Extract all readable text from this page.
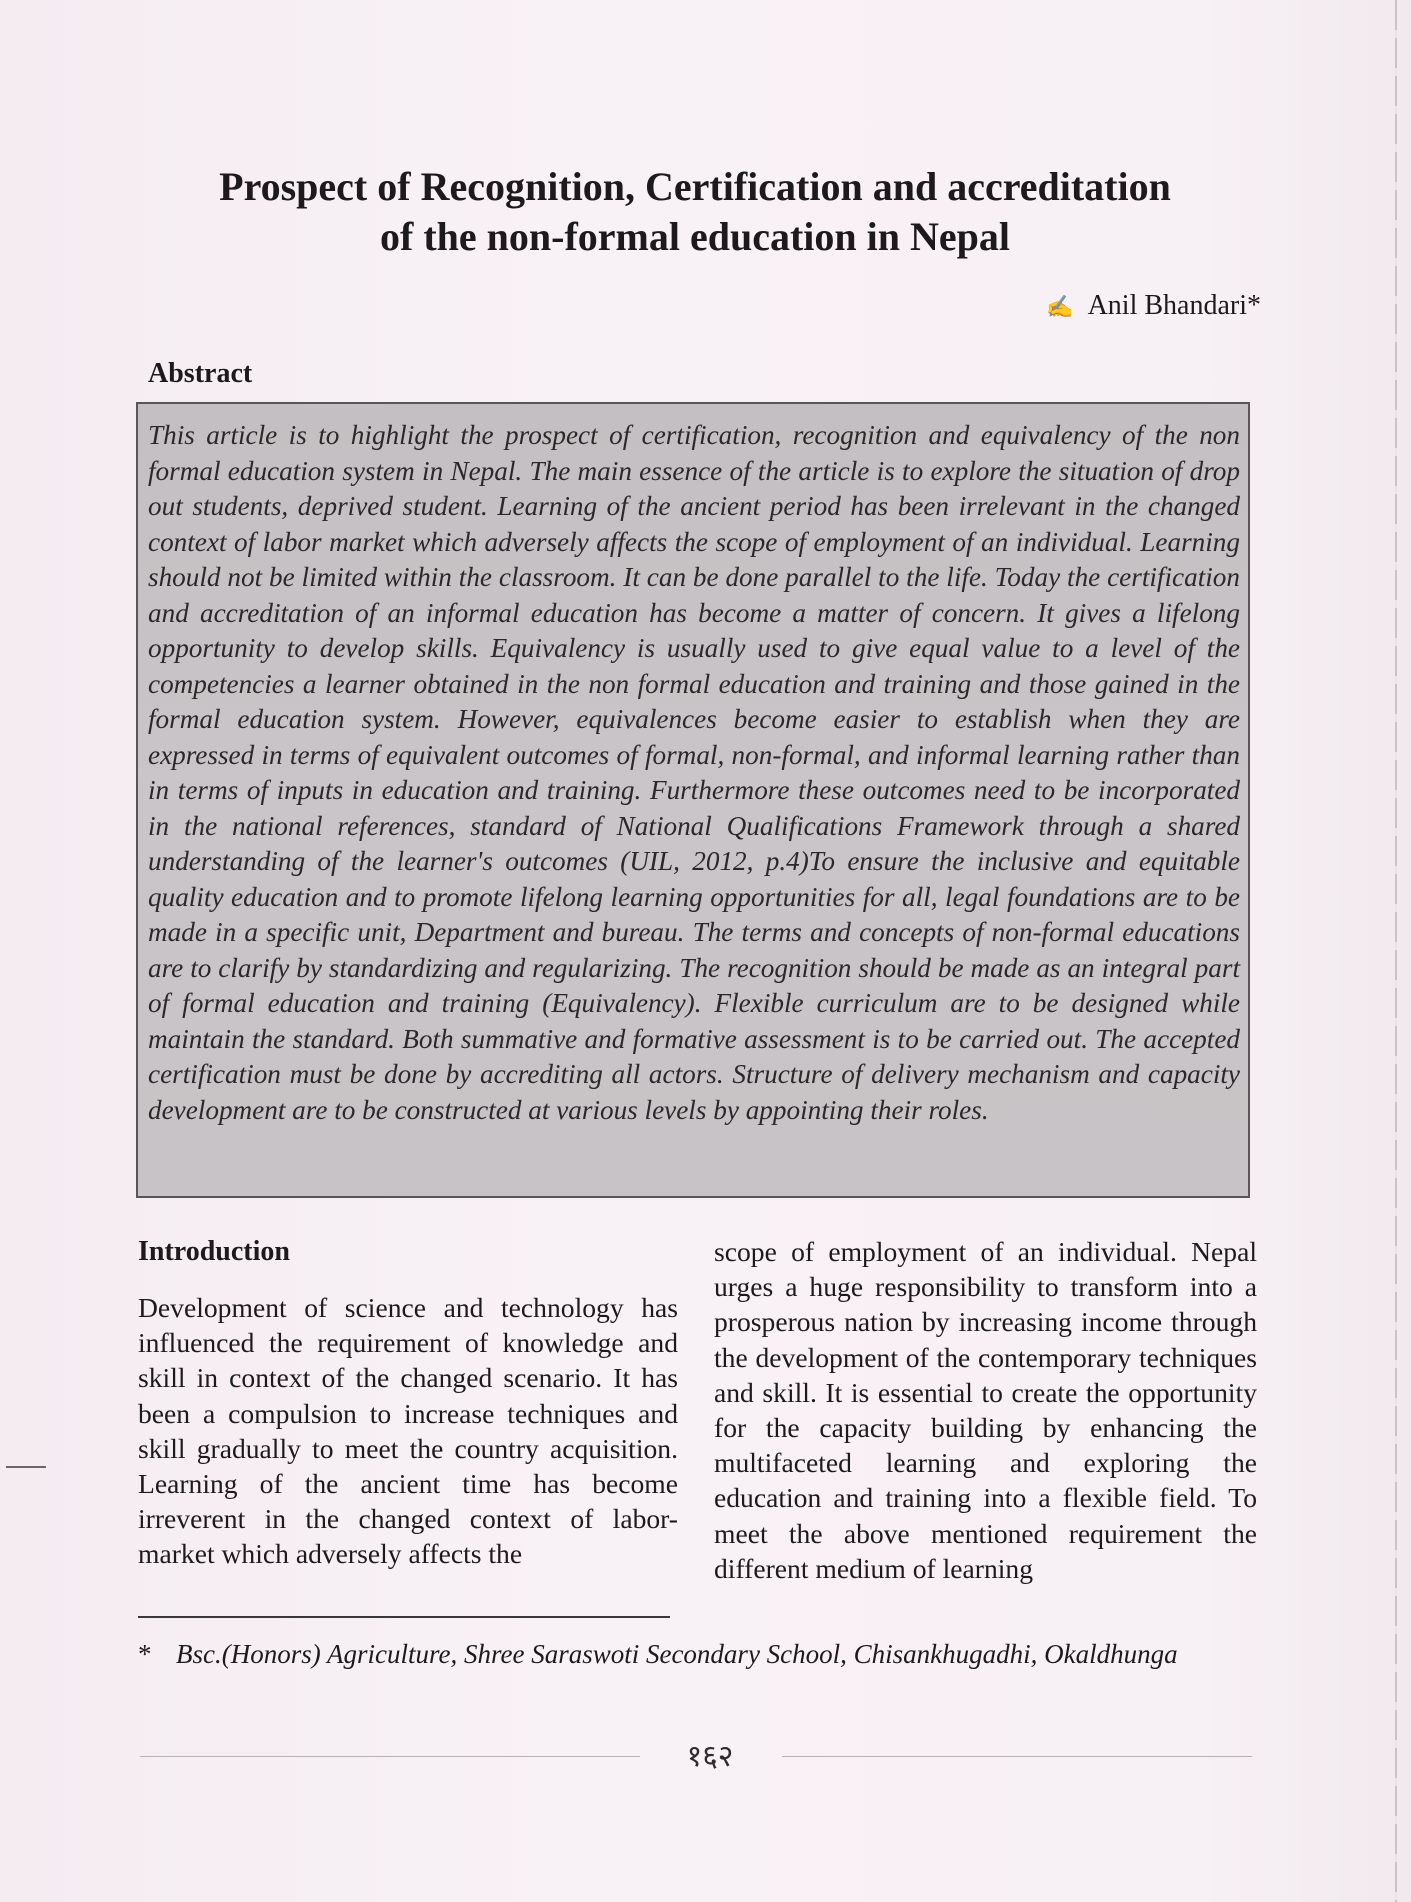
Prospect of Recognition, Certification and accreditation
of the non-formal education in Nepal
✍ Anil Bhandari*
Abstract

This article is to highlight the prospect of certification, recognition and equivalency of the non formal education system in Nepal. The main essence of the article is to explore the situation of drop out students, deprived student. Learning of the ancient period has been irrelevant in the changed context of labor market which adversely affects the scope of employment of an individual. Learning should not be limited within the classroom. It can be done parallel to the life. Today the certification and accreditation of an informal education has become a matter of concern. It gives a lifelong opportunity to develop skills. Equivalency is usually used to give equal value to a level of the competencies a learner obtained in the non formal education and training and those gained in the formal education system. However, equivalences become easier to establish when they are expressed in terms of equivalent outcomes of formal, non-formal, and informal learning rather than in terms of inputs in education and training. Furthermore these outcomes need to be incorporated in the national references, standard of National Qualifications Framework through a shared understanding of the learner's outcomes (UIL, 2012, p.4)To ensure the inclusive and equitable quality education and to promote lifelong learning opportunities for all, legal foundations are to be made in a specific unit, Department and bureau. The terms and concepts of non-formal educations are to clarify by standardizing and regularizing. The recognition should be made as an integral part of formal education and training (Equivalency). Flexible curriculum are to be designed while maintain the standard. Both summative and formative assessment is to be carried out. The accepted certification must be done by accrediting all actors. Structure of delivery mechanism and capacity development are to be constructed at various levels by appointing their roles.

Introduction

Development of science and technology has influenced the requirement of knowledge and skill in context of the changed scenario. It has been a compulsion to increase techniques and skill gradually to meet the country acquisition. Learning of the ancient time has become irreverent in the changed context of labor-market which adversely affects the

scope of employment of an individual. Nepal urges a huge responsibility to transform into a prosperous nation by increasing income through the development of the contemporary techniques and skill. It is essential to create the opportunity for the capacity building by enhancing the multifaceted learning and exploring the education and training into a flexible field. To meet the above mentioned requirement the different medium of learning

* Bsc.(Honors) Agriculture, Shree Saraswoti Secondary School, Chisankhugadhi, Okaldhunga
१६२
